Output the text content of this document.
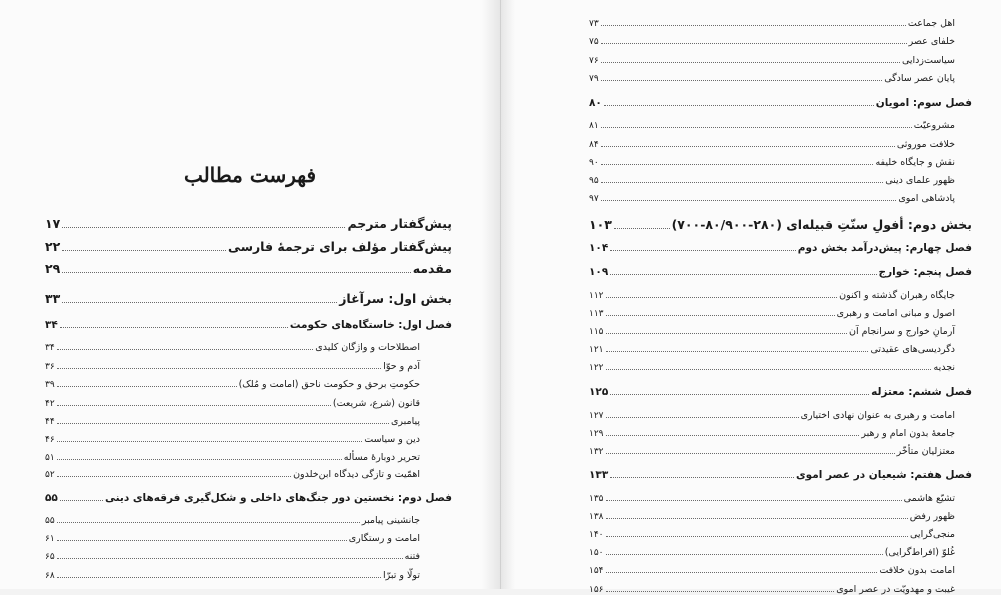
فهرست مطالب
پیش‌گفتار مترجم
۱۷
پیش‌گفتار مؤلف برای ترجمهٔ فارسی
۲۲
مقدمه
۲۹
بخش اول: سرآغاز
۳۳
فصل اول: خاستگاه‌های حکومت
۳۴
اصطلاحات و واژگان کلیدی
۳۴
آدم و حوّا
۳۶
حکومتِ برحق و حکومت ناحق (امامت و مُلک)
۳۹
قانون (شرع، شریعت)
۴۲
پیامبری
۴۴
دین و سیاست
۴۶
تحریر دوبارهٔ مسأله
۵۱
اهمّیت و تازگی دیدگاه ابن‌خلدون
۵۲
فصل دوم: نخستین دور جنگ‌های داخلی و شکل‌گیری فرقه‌های دینی
۵۵
جانشینی پیامبر
۵۵
امامت و رستگاری
۶۱
فتنه
۶۵
تولّا و تبرّا
۶۸
اهل جماعت
۷۳
خلفای عصر
۷۵
سیاست‌زدایی
۷۶
پایان عصر سادگی
۷۹
فصل سوم: امویان
۸۰
مشروعیّت
۸۱
خلافت موروثی
۸۴
نقش و جایگاه خلیفه
۹۰
ظهور علمای دینی
۹۵
پادشاهی اموی
۹۷
بخش دوم: أفولِ سنّتِ قبیله‌ای (۲۸۰-۸۰/۹۰۰-۷۰۰)
۱۰۳
فصل چهارم: پیش‌درآمد بخش دوم
۱۰۴
فصل پنجم: خوارج
۱۰۹
جایگاه رهبران گذشته و اکنون
۱۱۲
اصول و مبانی امامت و رهبری
۱۱۳
آرمانِ خوارج و سرانجام آن
۱۱۵
دگردیسی‌های عقیدتی
۱۲۱
نجدیه
۱۲۲
فصل ششم: معتزله
۱۲۵
امامت و رهبری به عنوان نهادی اختیاری
۱۲۷
جامعهٔ بدون امام و رهبر
۱۲۹
معتزلیان متأخّر
۱۳۲
فصل هفتم: شیعیان در عصر اموی
۱۳۳
تشیّع هاشمی
۱۳۵
ظهور رفض
۱۳۸
منجی‌گرایی
۱۴۰
غُلوّ (افراط‌گرایی)
۱۵۰
امامت بدون خلافت
۱۵۴
غیبت و مهدویّت در عصر اموی
۱۵۶
